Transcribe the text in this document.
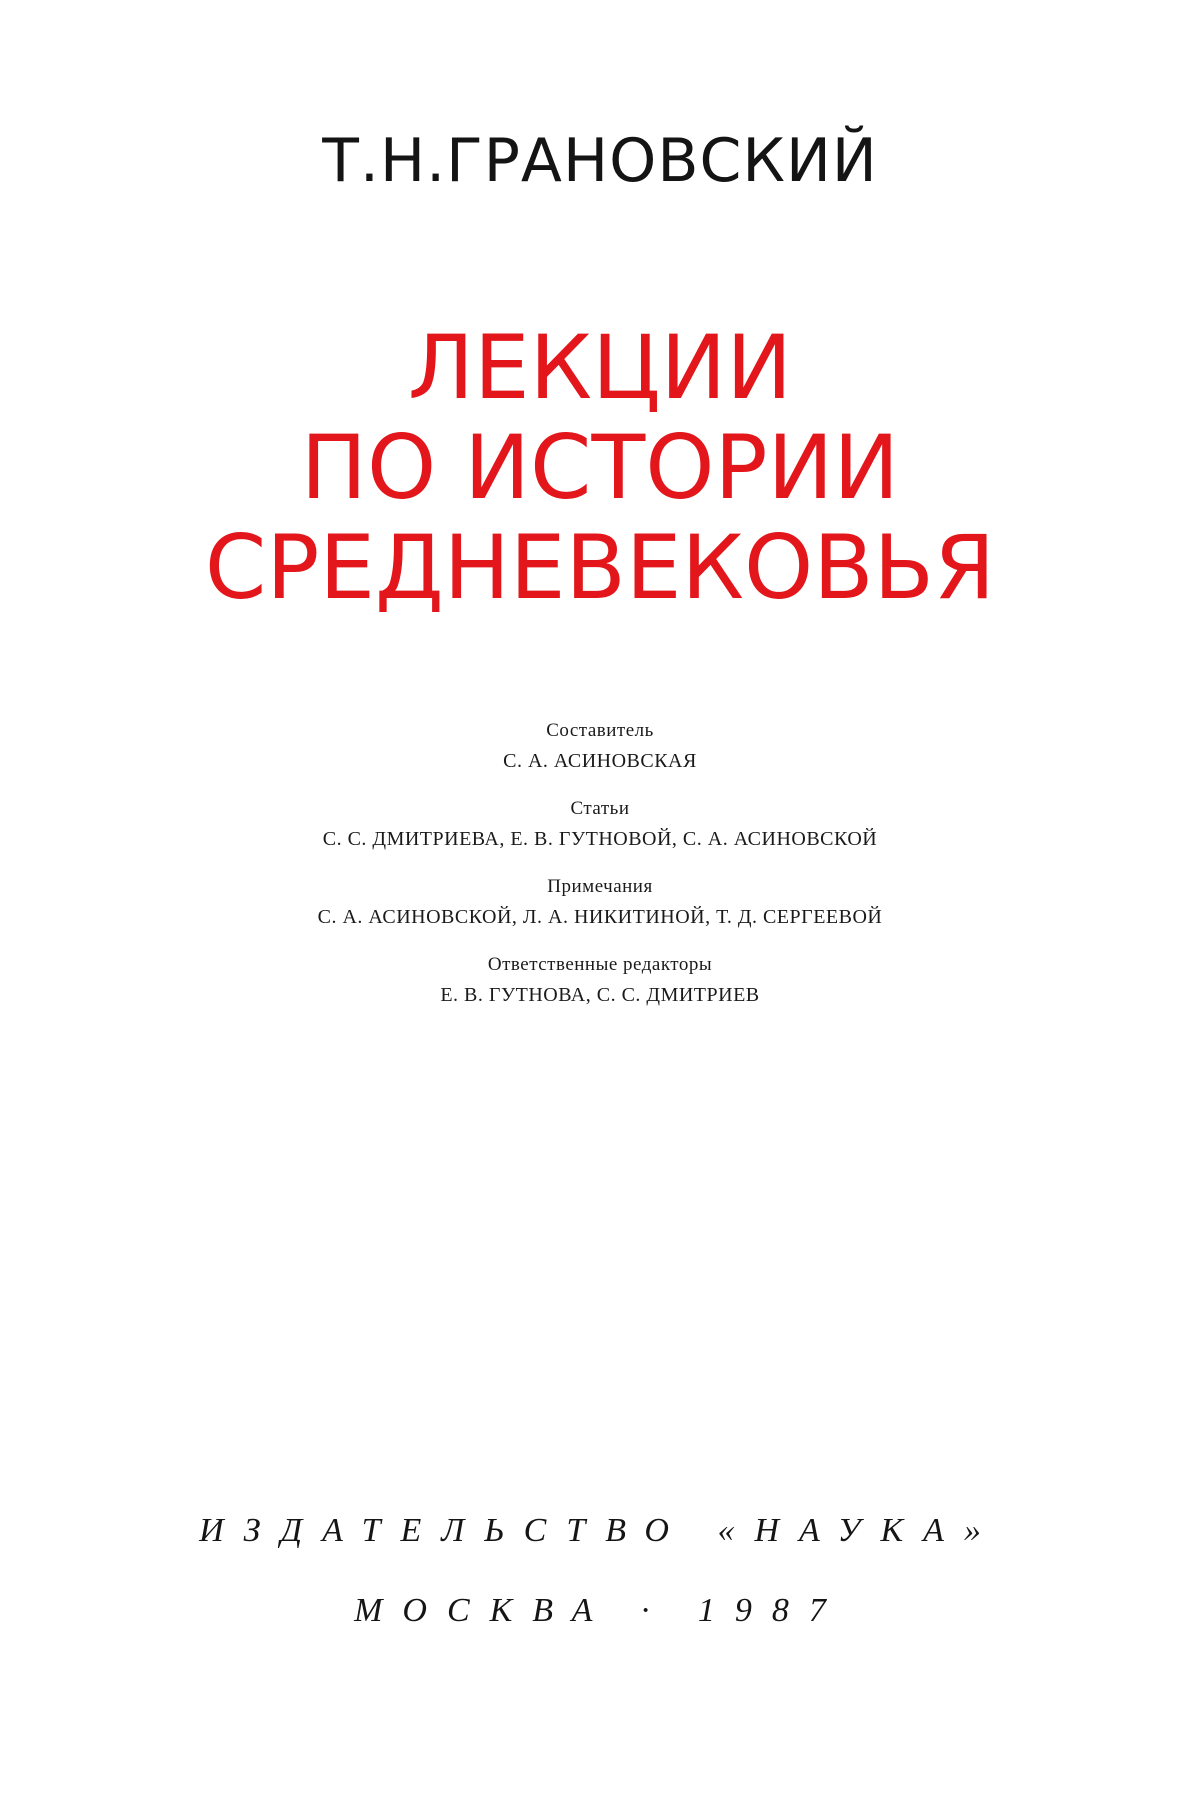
Т.Н.ГРАНОВСКИЙ
ЛЕКЦИИ
ПО ИСТОРИИ
СРЕДНЕВЕКОВЬЯ
Составитель
С. А. АСИНОВСКАЯ
Статьи
С. С. ДМИТРИЕВА, Е. В. ГУТНОВОЙ, С. А. АСИНОВСКОЙ
Примечания
С. А. АСИНОВСКОЙ, Л. А. НИКИТИНОЙ, Т. Д. СЕРГЕЕВОЙ
Ответственные редакторы
Е. В. ГУТНОВА, С. С. ДМИТРИЕВ
ИЗДАТЕЛЬСТВО «НАУКА»
МОСКВА · 1987
